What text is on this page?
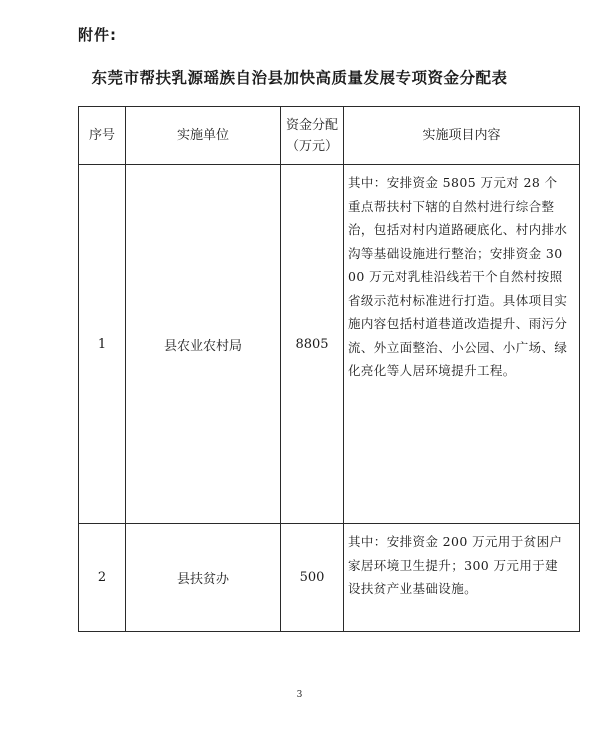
附件:
东莞市帮扶乳源瑶族自治县加快高质量发展专项资金分配表
序号	实施单位	资金分配（万元）	实施项目内容
1	县农业农村局	8805	其中：安排资金 5805 万元对 28 个重点帮扶村下辖的自然村进行综合整治，包括对村内道路硬底化、村内排水沟等基础设施进行整治；安排资金 3000 万元对乳桂沿线若干个自然村按照省级示范村标准进行打造。具体项目实施内容包括村道巷道改造提升、雨污分流、外立面整治、小公园、小广场、绿化亮化等人居环境提升工程。
2	县扶贫办	500	其中：安排资金 200 万元用于贫困户家居环境卫生提升；300 万元用于建设扶贫产业基础设施。
3
